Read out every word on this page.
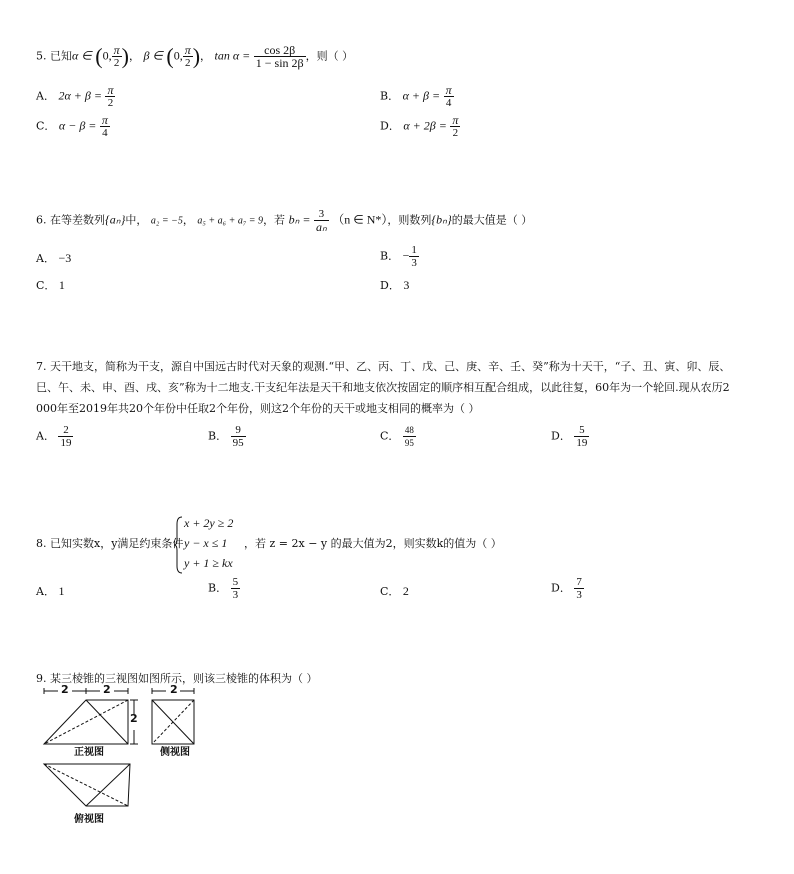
5. 已知α ∈ (0, $\frac{\pi}{2}$ )， β ∈ (0, $\frac{\pi}{2}$ )， $\tan \alpha = \frac{\cos 2\beta}{1 - \sin 2\beta}$ ，则（ ）
A． $2\alpha + \beta = \frac{\pi}{2}$	B． $\alpha + \beta = \frac{\pi}{4}$
C． $\alpha - \beta = \frac{\pi}{4}$	D． $\alpha + 2\beta = \frac{\pi}{2}$
6. 在等差数列{aₙ}中， a₂ = −5， a₅ + a₆ + a₇ = 9，若 $b_n = \frac{3}{\text{aₙ}} (n$ ∈ N*），则数列{bₙ}的最大值是（ ）
A． −3	B． − $\frac{1}{3}$
C． 1	D． 3
7. 天干地支，简称为干支，源自中国远古时代对天象的观测.“甲、乙、丙、丁、戊、己、庚、辛、壬、癸”称为十天干，“子、丑、寅、卯、辰、
巳、午、未、申、酉、戌、亥”称为十二地支.干支纪年法是天干和地支依次按固定的顺序相互配合组成，以此往复，60年为一个轮回.现从农历2
000年至2019年共20个年份中任取2个年份，则这2个年份的天干或地支相同的概率为（ ）
A． $\frac{2}{19}$	B． $\frac{9}{95}$	C． $\frac{48}{95}$	D． $\frac{5}{19}$
8. 已知实数x，y满足约束条件
x + 2y ≥ 2
y − x ≤ 1
y + 1 ≥ kx
，若 z = 2x − y 的最大值为2，则实数k的值为（ ）
A． 1	B． $\frac{5}{3}$	C． 2	D． $\frac{7}{3}$
9. 某三棱锥的三视图如图所示，则该三棱锥的体积为（ ）
2	2
2
正视图
2
侧视图
俯视图
